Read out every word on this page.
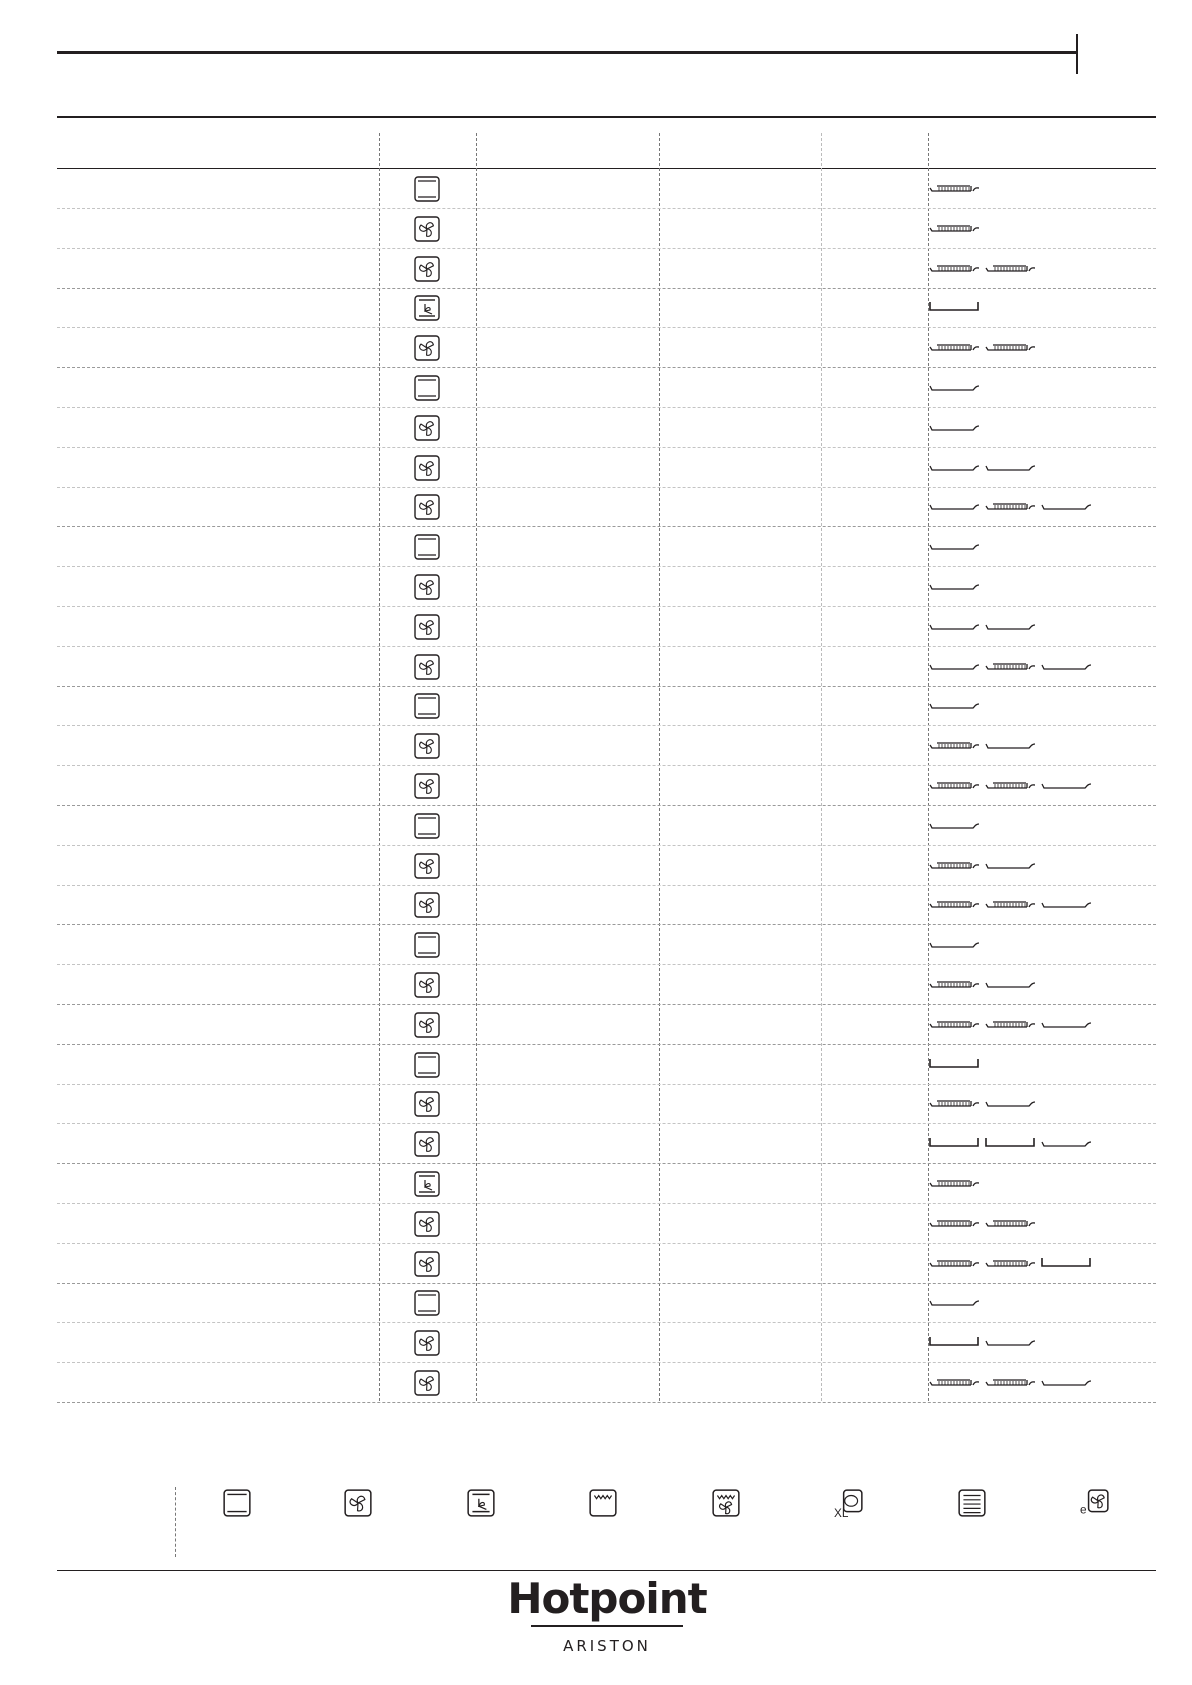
XL	e
Hotpoint
ARISTON
